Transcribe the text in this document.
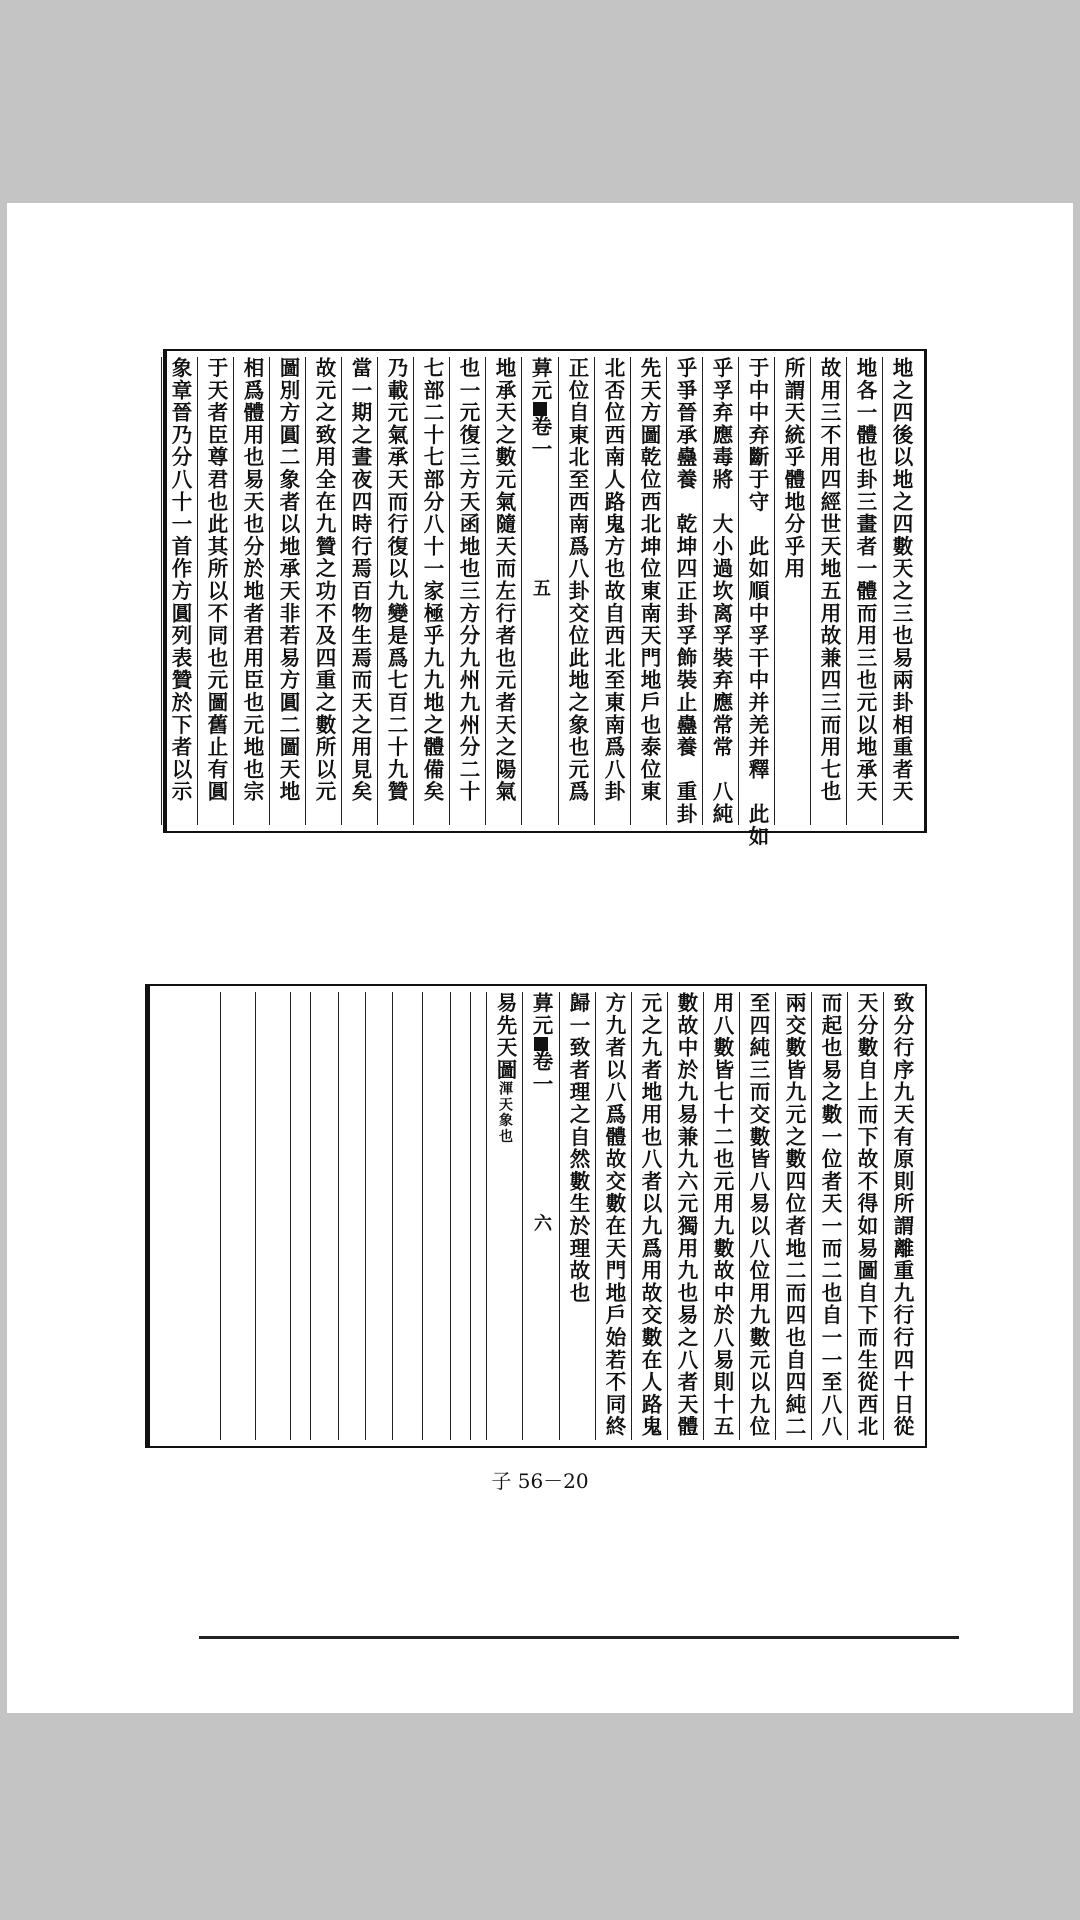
地之四後以地之四數天之三也易兩卦相重者天
地各一體也卦三畫者一體而用三也元以地承天
故用三不用四經世天地五用故兼四三而用七也
所謂天統乎體地分乎用
于中中弃斷于守　此如順中孚干中并羌并釋　此如
乎孚弃應毒將　大小過坎离孚裝弃應常常　八純
乎爭晉承蠱養　乾坤四正卦孚飾裝止蠱養　重卦
先天方圖乾位西北坤位東南天門地戶也泰位東
北否位西南人路鬼方也故自西北至東南爲八卦
正位自東北至西南爲八卦交位此地之象也元爲
萛元卷一　　　　　　五
地承天之數元氣隨天而左行者也元者天之陽氣
也一元復三方天函地也三方分九州九州分二十
七部二十七部分八十一家極乎九九地之體備矣
乃載元氣承天而行復以九變是爲七百二十九贊
當一期之晝夜四時行焉百物生焉而天之用見矣
故元之致用全在九贊之功不及四重之數所以元
圖別方圓二象者以地承天非若易方圓二圖天地
相爲體用也易天也分於地者君用臣也元地也宗
于天者臣尊君也此其所以不同也元圖舊止有圓
象章晉乃分八十一首作方圓列表贊於下者以示
致分行序九天有原則所謂離重九行行四十日從
天分數自上而下故不得如易圖自下而生從西北
而起也易之數一位者天一而二也自一一至八八
兩交數皆九元之數四位者地二而四也自四純二
至四純三而交數皆八易以八位用九數元以九位
用八數皆七十二也元用九數故中於八易則十五
數故中於九易兼九六元獨用九也易之八者天體
元之九者地用也八者以九爲用故交數在人路鬼
方九者以八爲體故交數在天門地戶始若不同終
歸一致者理之自然數生於理故也
萛元卷一　　　　　　六
易先天圖渾天象也
子 56－20
